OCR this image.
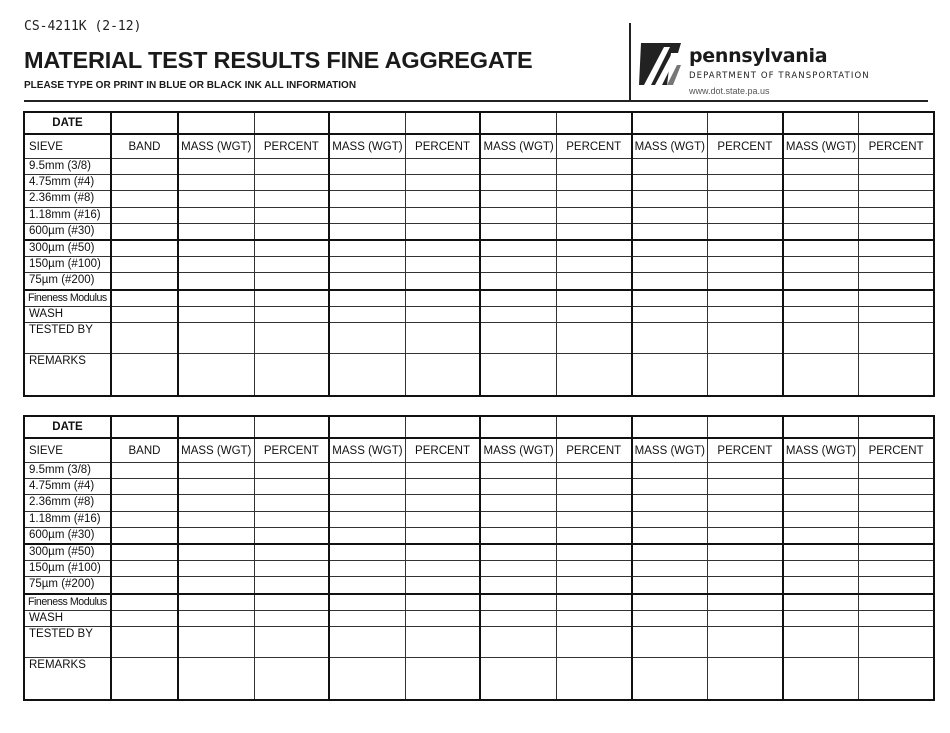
CS-4211K (2-12)
MATERIAL TEST RESULTS FINE AGGREGATE
PLEASE TYPE OR PRINT IN BLUE OR BLACK INK ALL INFORMATION
pennsylvania
DEPARTMENT OF TRANSPORTATION
www.dot.state.pa.us
DATE											
SIEVE	BAND	MASS (WGT)	PERCENT	MASS (WGT)	PERCENT	MASS (WGT)	PERCENT	MASS (WGT)	PERCENT	MASS (WGT)	PERCENT
9.5mm (3/8)											
4.75mm (#4)											
2.36mm (#8)											
1.18mm (#16)											
600µm (#30)											
300µm (#50)											
150µm (#100)											
75µm (#200)											
Fineness Modulus											
WASH											
TESTED BY											
REMARKS											
DATE											
SIEVE	BAND	MASS (WGT)	PERCENT	MASS (WGT)	PERCENT	MASS (WGT)	PERCENT	MASS (WGT)	PERCENT	MASS (WGT)	PERCENT
9.5mm (3/8)											
4.75mm (#4)											
2.36mm (#8)											
1.18mm (#16)											
600µm (#30)											
300µm (#50)											
150µm (#100)											
75µm (#200)											
Fineness Modulus											
WASH											
TESTED BY											
REMARKS											
